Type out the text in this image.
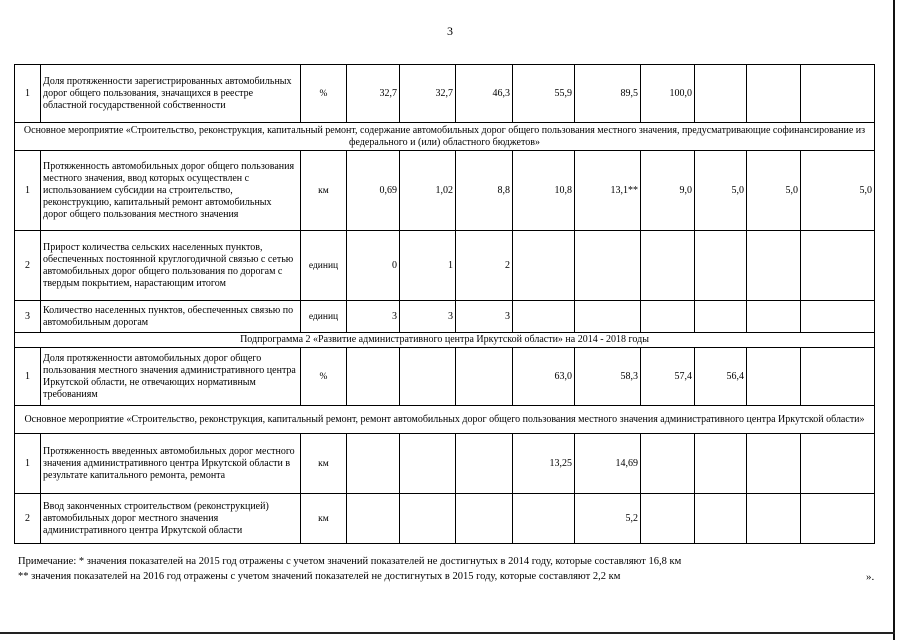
3
1	Доля протяженности зарегистрированных автомобильных дорог общего пользования, значащихся в реестре областной государственной собственности	%	32,7	32,7	46,3	55,9	89,5	100,0			
Основное мероприятие «Строительство, реконструкция, капитальный ремонт, содержание автомобильных дорог общего пользования местного значения, предусматривающие софинансирование из федерального и (или) областного бюджетов»											
1	Протяженность автомобильных дорог общего пользования местного значения, ввод которых осуществлен с использованием субсидии на строительство, реконструкцию, капитальный ремонт автомобильных дорог общего пользования местного значения	км	0,69	1,02	8,8	10,8	13,1**	9,0	5,0	5,0	5,0
2	Прирост количества сельских населенных пунктов, обеспеченных постоянной круглогодичной связью с сетью автомобильных дорог общего пользования по дорогам с твердым покрытием, нарастающим итогом	единиц	0	1	2						
3	Количество населенных пунктов, обеспеченных связью по автомобильным дорогам	единиц	3	3	3						
Подпрограмма 2 «Развитие административного центра Иркутской области» на 2014 - 2018 годы											
1	Доля протяженности автомобильных дорог общего пользования местного значения административного центра Иркутской области, не отвечающих нормативным требованиям	%				63,0	58,3	57,4	56,4		
Основное мероприятие «Строительство, реконструкция, капитальный ремонт, ремонт автомобильных дорог общего пользования местного значения административного центра Иркутской области»											
1	Протяженность введенных автомобильных дорог местного значения административного центра Иркутской области в результате капитального ремонта, ремонта	км				13,25	14,69				
2	Ввод законченных строительством (реконструкцией) автомобильных дорог местного значения административного центра Иркутской области	км					5,2				
Примечание: * значения показателей на 2015 год отражены с учетом значений показателей не достигнутых в 2014 году, которые составляют 16,8 км
** значения показателей на 2016 год отражены с учетом значений показателей не достигнутых в 2015 году, которые составляют 2,2 км	».
